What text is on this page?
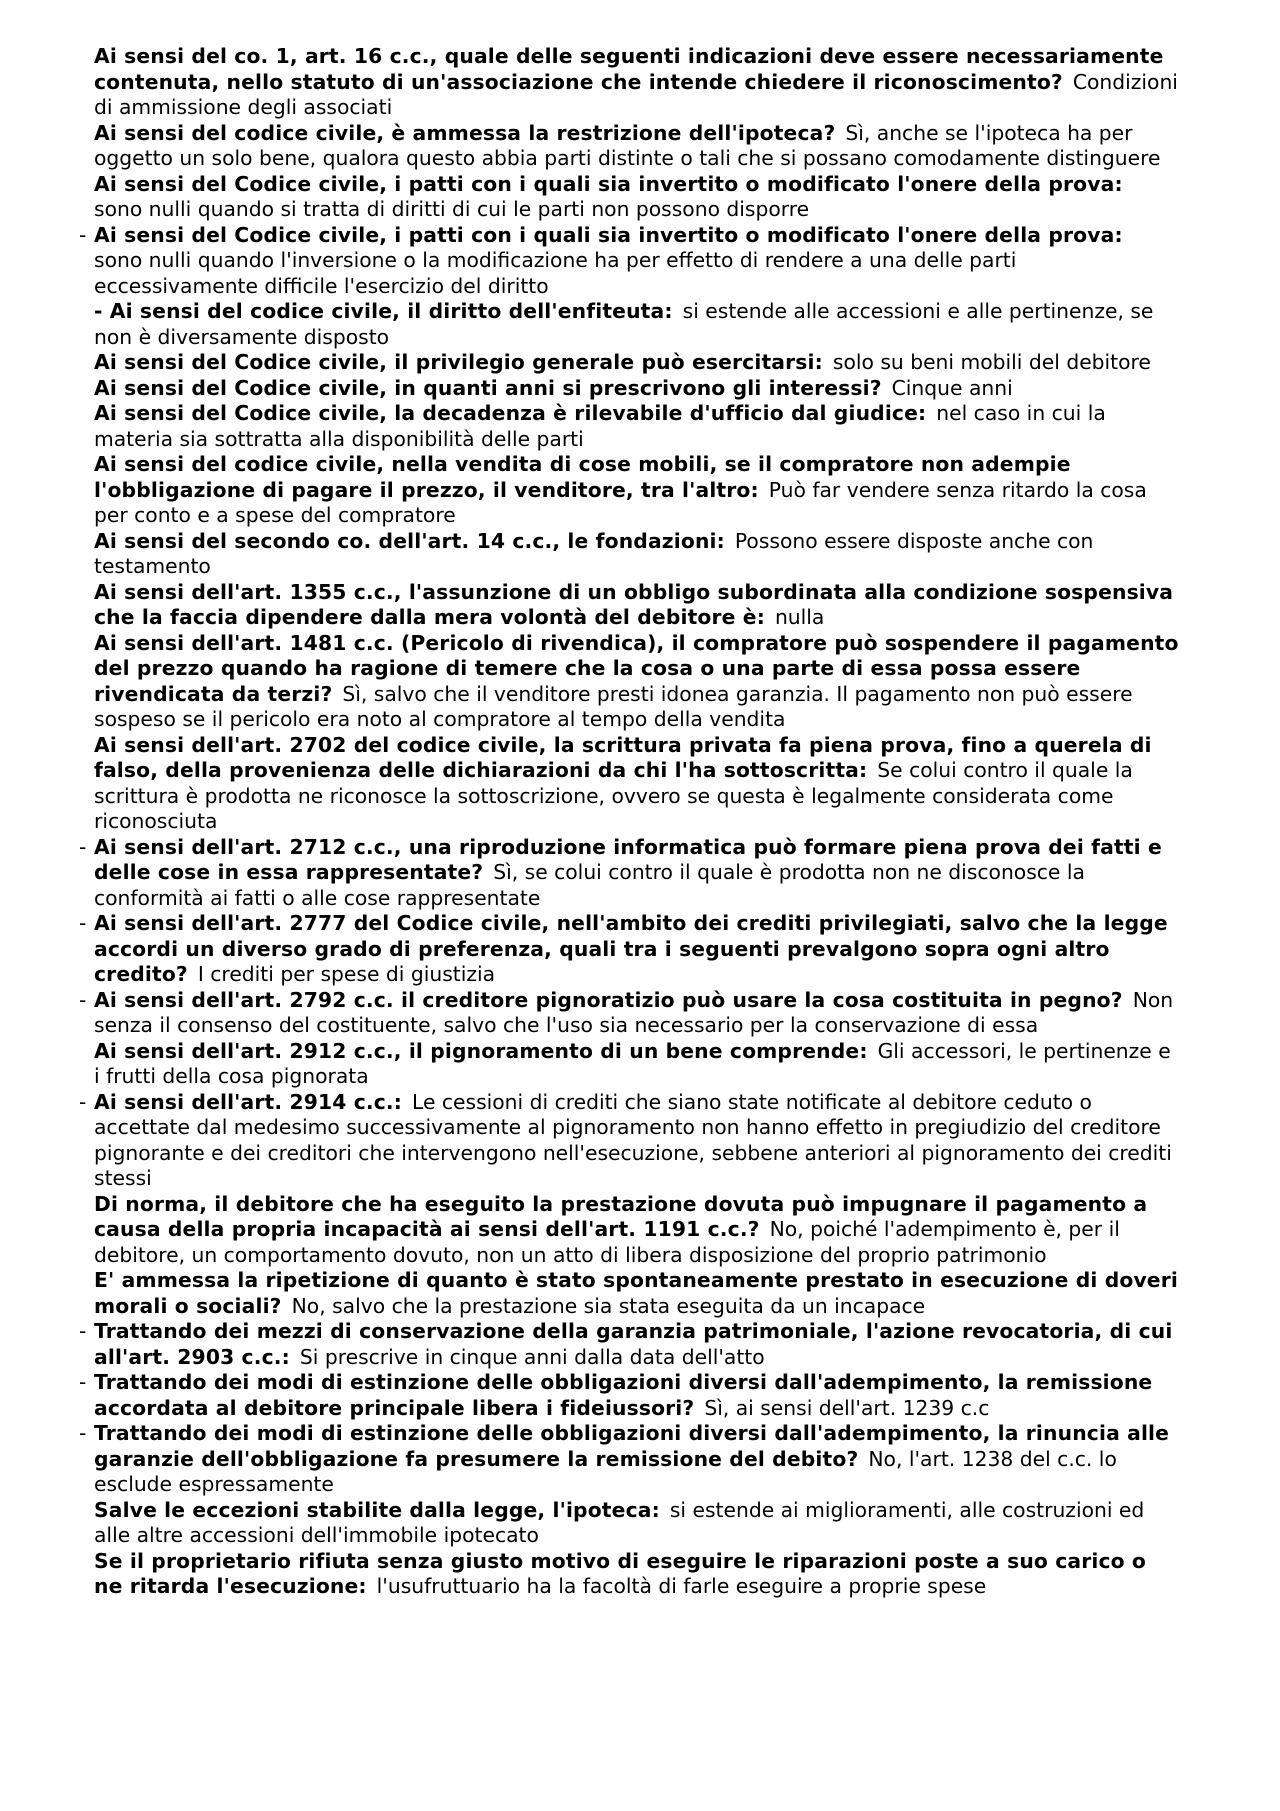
Ai sensi del co. 1, art. 16 c.c., quale delle seguenti indicazioni deve essere necessariamente contenuta, nello statuto di un'associazione che intende chiedere il riconoscimento? Condizioni di ammissione degli associati
Ai sensi del codice civile, è ammessa la restrizione dell'ipoteca? Sì, anche se l'ipoteca ha per oggetto un solo bene, qualora questo abbia parti distinte o tali che si possano comodamente distinguere
Ai sensi del Codice civile, i patti con i quali sia invertito o modificato l'onere della prova:sono nulli quando si tratta di diritti di cui le parti non possono disporre
- Ai sensi del Codice civile, i patti con i quali sia invertito o modificato l'onere della prova:sono nulli quando l'inversione o la modificazione ha per effetto di rendere a una delle parti eccessivamente difficile l'esercizio del diritto
- Ai sensi del codice civile, il diritto dell'enfiteuta: si estende alle accessioni e alle pertinenze, se non è diversamente disposto
Ai sensi del Codice civile, il privilegio generale può esercitarsi: solo su beni mobili del debitore
Ai sensi del Codice civile, in quanti anni si prescrivono gli interessi? Cinque anni
Ai sensi del Codice civile, la decadenza è rilevabile d'ufficio dal giudice: nel caso in cui la materia sia sottratta alla disponibilità delle parti
Ai sensi del codice civile, nella vendita di cose mobili, se il compratore non adempie l'obbligazione di pagare il prezzo, il venditore, tra l'altro: Può far vendere senza ritardo la cosa per conto e a spese del compratore
Ai sensi del secondo co. dell'art. 14 c.c., le fondazioni: Possono essere disposte anche con testamento
Ai sensi dell'art. 1355 c.c., l'assunzione di un obbligo subordinata alla condizione sospensiva che la faccia dipendere dalla mera volontà del debitore è: nulla
Ai sensi dell'art. 1481 c.c. (Pericolo di rivendica), il compratore può sospendere il pagamento del prezzo quando ha ragione di temere che la cosa o una parte di essa possa essere rivendicata da terzi? Sì, salvo che il venditore presti idonea garanzia. Il pagamento non può essere sospeso se il pericolo era noto al compratore al tempo della vendita
Ai sensi dell'art. 2702 del codice civile, la scrittura privata fa piena prova, fino a querela di falso, della provenienza delle dichiarazioni da chi l'ha sottoscritta: Se colui contro il quale la scrittura è prodotta ne riconosce la sottoscrizione, ovvero se questa è legalmente considerata come riconosciuta
- Ai sensi dell'art. 2712 c.c., una riproduzione informatica può formare piena prova dei fatti e delle cose in essa rappresentate? Sì, se colui contro il quale è prodotta non ne disconosce la conformità ai fatti o alle cose rappresentate
- Ai sensi dell'art. 2777 del Codice civile, nell'ambito dei crediti privilegiati, salvo che la legge accordi un diverso grado di preferenza, quali tra i seguenti prevalgono sopra ogni altro credito? I crediti per spese di giustizia
- Ai sensi dell'art. 2792 c.c. il creditore pignoratizio può usare la cosa costituita in pegno? Non senza il consenso del costituente, salvo che l'uso sia necessario per la conservazione di essa
Ai sensi dell'art. 2912 c.c., il pignoramento di un bene comprende: Gli accessori, le pertinenze e i frutti della cosa pignorata
- Ai sensi dell'art. 2914 c.c.: Le cessioni di crediti che siano state notificate al debitore ceduto o accettate dal medesimo successivamente al pignoramento non hanno effetto in pregiudizio del creditore pignorante e dei creditori che intervengono nell'esecuzione, sebbene anteriori al pignoramento dei crediti stessi
Di norma, il debitore che ha eseguito la prestazione dovuta può impugnare il pagamento a causa della propria incapacità ai sensi dell'art. 1191 c.c.? No, poiché l'adempimento è, per il debitore, un comportamento dovuto, non un atto di libera disposizione del proprio patrimonio
E' ammessa la ripetizione di quanto è stato spontaneamente prestato in esecuzione di doveri morali o sociali? No, salvo che la prestazione sia stata eseguita da un incapace
- Trattando dei mezzi di conservazione della garanzia patrimoniale, l'azione revocatoria, di cui all'art. 2903 c.c.: Si prescrive in cinque anni dalla data dell'atto
- Trattando dei modi di estinzione delle obbligazioni diversi dall'adempimento, la remissione accordata al debitore principale libera i fideiussori? Sì, ai sensi dell'art. 1239 c.c
- Trattando dei modi di estinzione delle obbligazioni diversi dall'adempimento, la rinuncia alle garanzie dell'obbligazione fa presumere la remissione del debito? No, l'art. 1238 del c.c. lo esclude espressamente
Salve le eccezioni stabilite dalla legge, l'ipoteca: si estende ai miglioramenti, alle costruzioni ed alle altre accessioni dell'immobile ipotecato
Se il proprietario rifiuta senza giusto motivo di eseguire le riparazioni poste a suo carico o ne ritarda l'esecuzione: l'usufruttuario ha la facoltà di farle eseguire a proprie spese
